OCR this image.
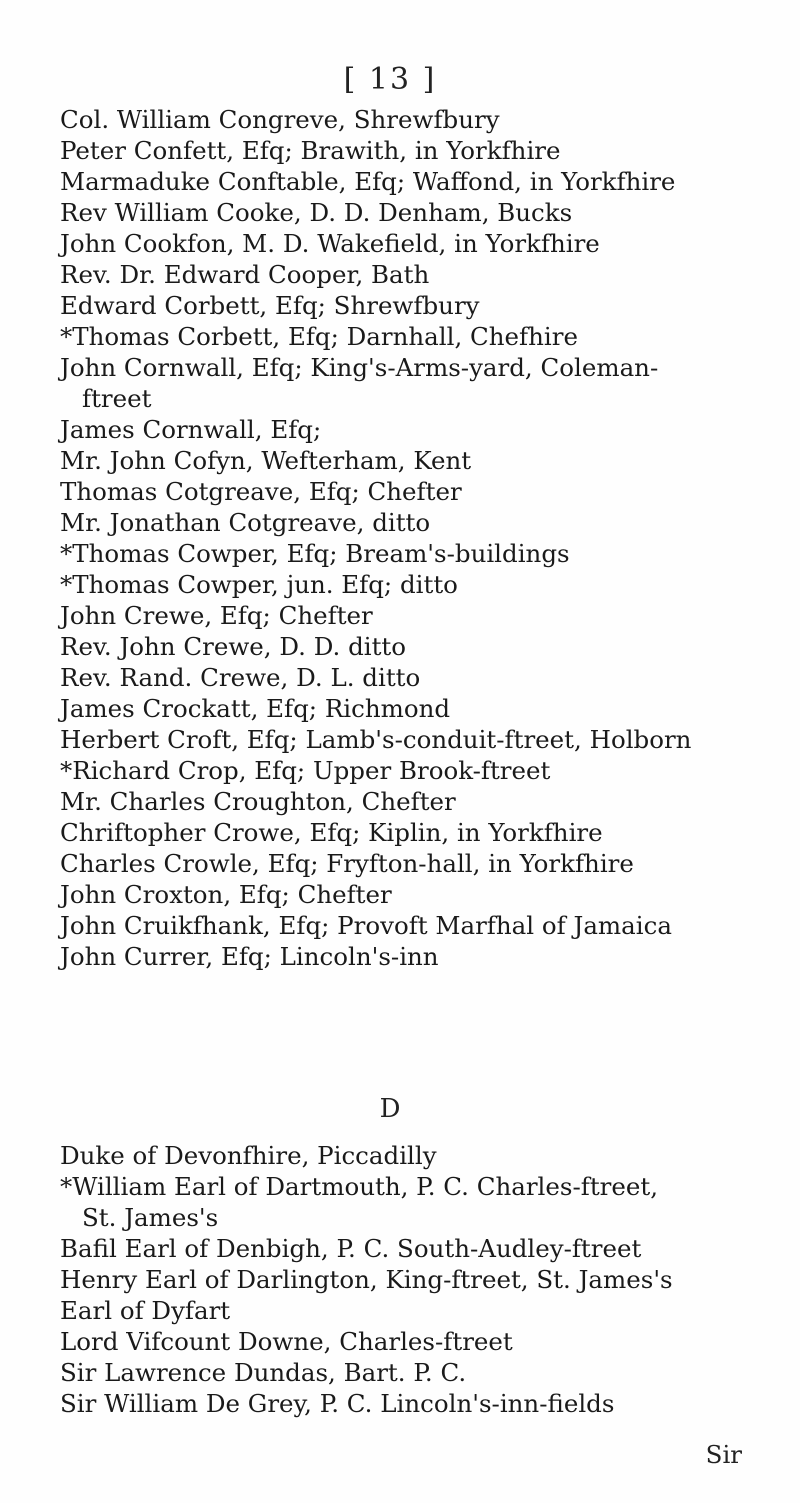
[ 13 ]
Col. William Congreve, Shrewfbury
Peter Confett, Efq; Brawith, in Yorkfhire
Marmaduke Conftable, Efq; Waffond, in Yorkfhire
Rev William Cooke, D. D. Denham, Bucks
John Cookfon, M. D. Wakefield, in Yorkfhire
Rev. Dr. Edward Cooper, Bath
Edward Corbett, Efq; Shrewfbury
*Thomas Corbett, Efq; Darnhall, Chefhire
John Cornwall, Efq; King's-Arms-yard, Coleman-
ftreet
James Cornwall, Efq;
Mr. John Cofyn, Wefterham, Kent
Thomas Cotgreave, Efq; Chefter
Mr. Jonathan Cotgreave, ditto
*Thomas Cowper, Efq; Bream's-buildings
*Thomas Cowper, jun. Efq; ditto
John Crewe, Efq; Chefter
Rev. John Crewe, D. D. ditto
Rev. Rand. Crewe, D. L. ditto
James Crockatt, Efq; Richmond
Herbert Croft, Efq; Lamb's-conduit-ftreet, Holborn
*Richard Crop, Efq; Upper Brook-ftreet
Mr. Charles Croughton, Chefter
Chriftopher Crowe, Efq; Kiplin, in Yorkfhire
Charles Crowle, Efq; Fryfton-hall, in Yorkfhire
John Croxton, Efq; Chefter
John Cruikfhank, Efq; Provoft Marfhal of Jamaica
John Currer, Efq; Lincoln's-inn
D
Duke of Devonfhire, Piccadilly
*William Earl of Dartmouth, P. C. Charles-ftreet,
St. James's
Bafil Earl of Denbigh, P. C. South-Audley-ftreet
Henry Earl of Darlington, King-ftreet, St. James's
Earl of Dyfart
Lord Vifcount Downe, Charles-ftreet
Sir Lawrence Dundas, Bart. P. C.
Sir William De Grey, P. C. Lincoln's-inn-fields
Sir
